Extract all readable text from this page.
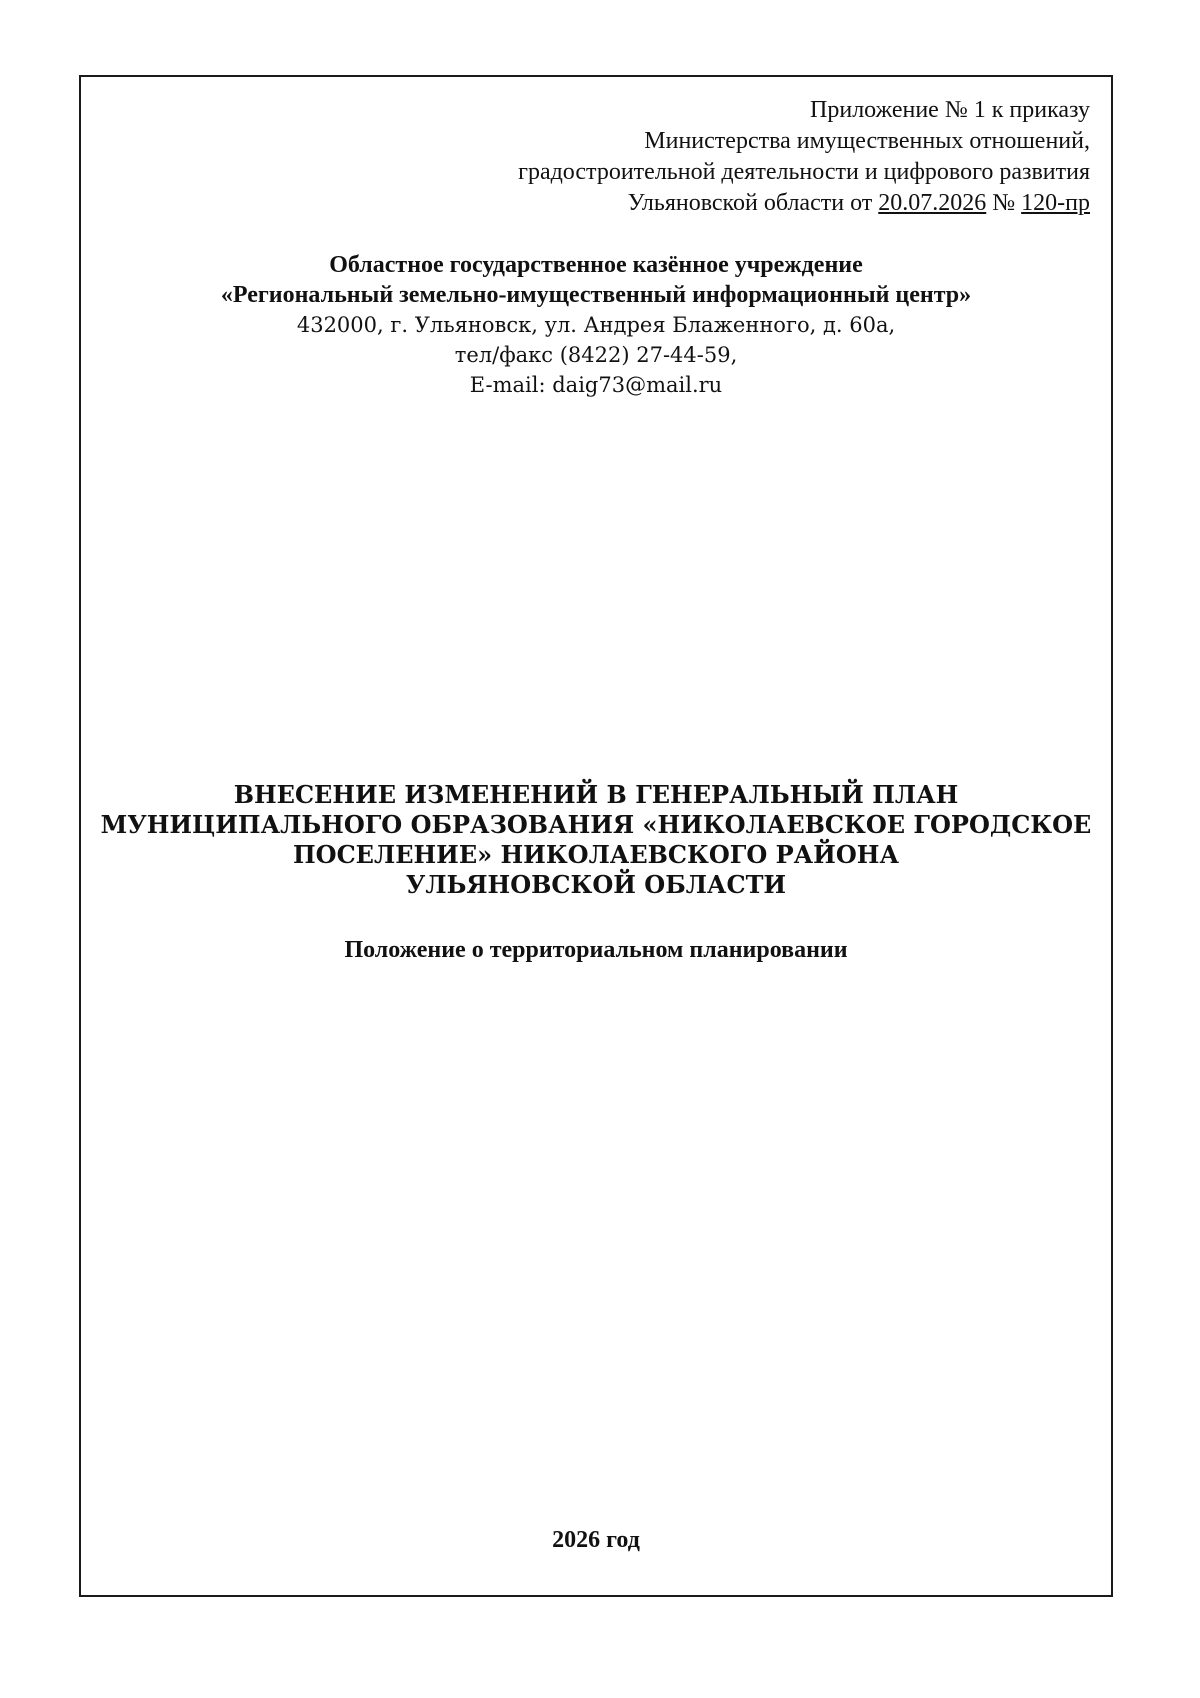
Приложение № 1 к приказу
Министерства имущественных отношений,
градостроительной деятельности и цифрового развития
Ульяновской области от 20.07.2026 № 120-пр
Областное государственное казённое учреждение
«Региональный земельно-имущественный информационный центр»
432000, г. Ульяновск, ул. Андрея Блаженного, д. 60а,
тел/факс (8422) 27-44-59,
E-mail: daig73@mail.ru
ВНЕСЕНИЕ ИЗМЕНЕНИЙ В ГЕНЕРАЛЬНЫЙ ПЛАН
МУНИЦИПАЛЬНОГО ОБРАЗОВАНИЯ «НИКОЛАЕВСКОЕ ГОРОДСКОЕ
ПОСЕЛЕНИЕ» НИКОЛАЕВСКОГО РАЙОНА
УЛЬЯНОВСКОЙ ОБЛАСТИ
Положение о территориальном планировании
2026 год
